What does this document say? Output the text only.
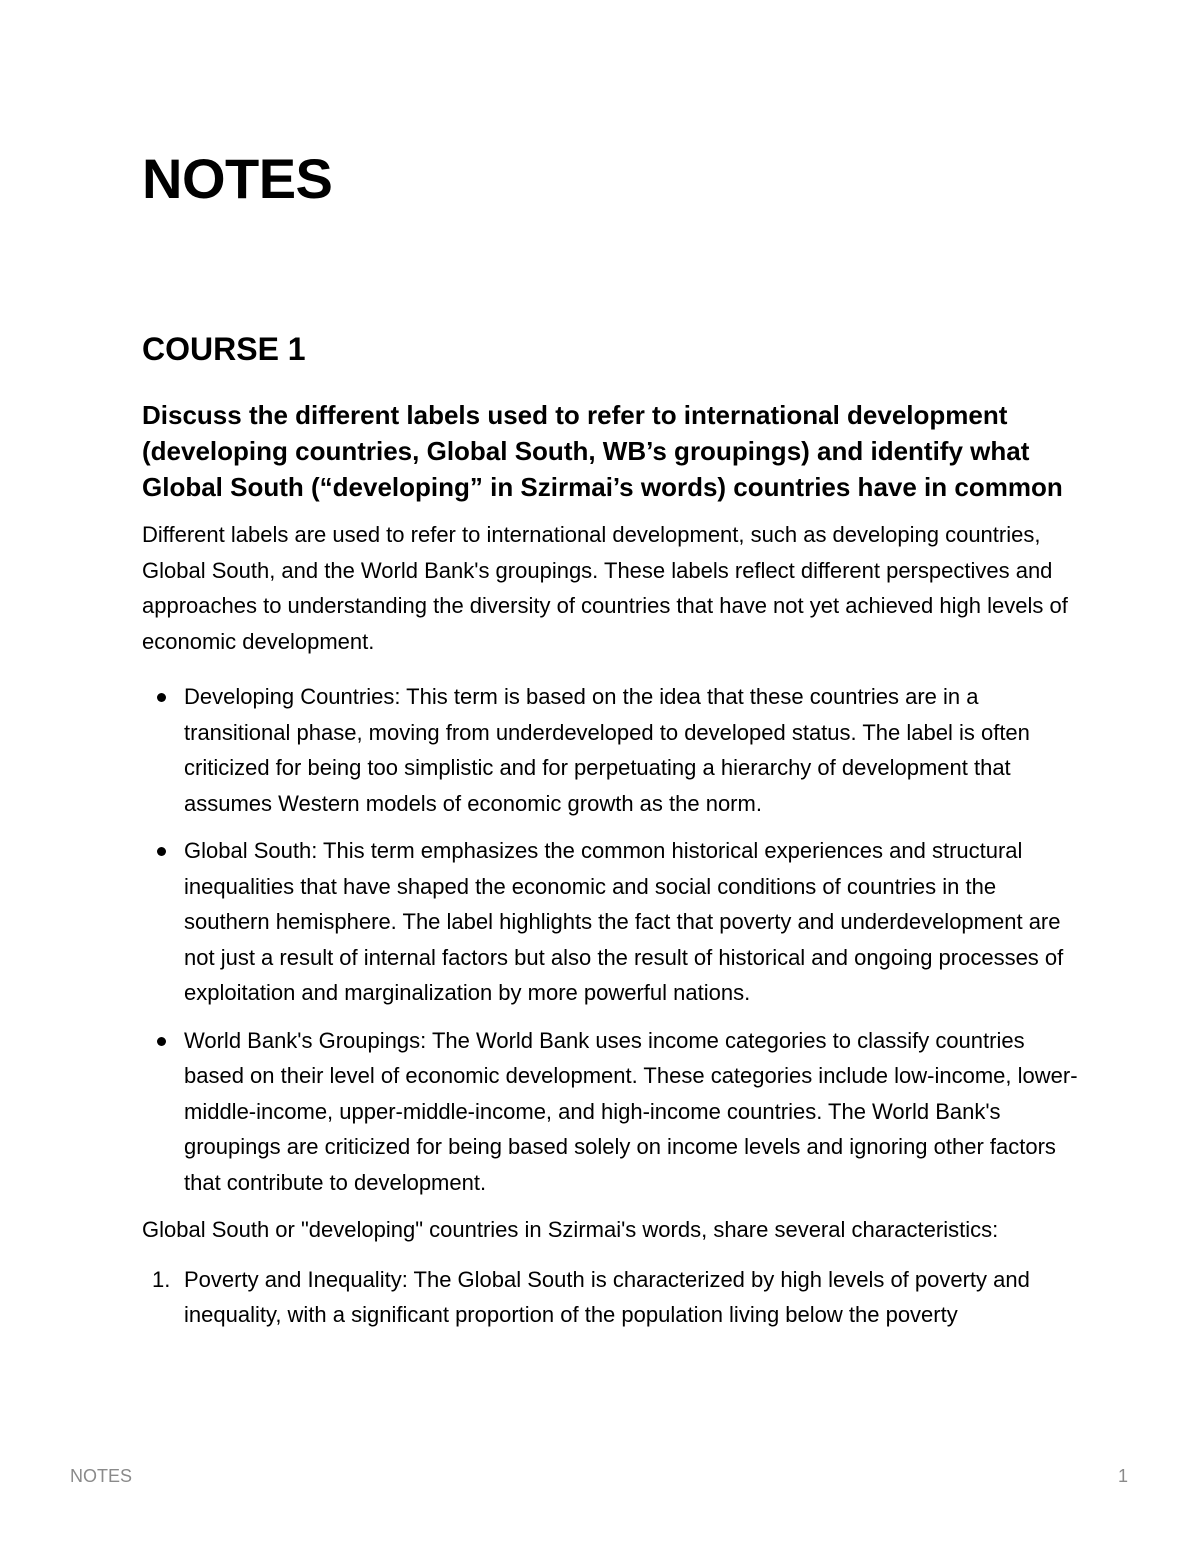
NOTES
COURSE 1
Discuss the different labels used to refer to international development (developing countries, Global South, WB’s groupings) and identify what Global South (“developing” in Szirmai’s words) countries have in common

Different labels are used to refer to international development, such as developing countries, Global South, and the World Bank's groupings. These labels reflect different perspectives and approaches to understanding the diversity of countries that have not yet achieved high levels of economic development.

Developing Countries: This term is based on the idea that these countries are in a transitional phase, moving from underdeveloped to developed status. The label is often criticized for being too simplistic and for perpetuating a hierarchy of development that assumes Western models of economic growth as the norm.
Global South: This term emphasizes the common historical experiences and structural inequalities that have shaped the economic and social conditions of countries in the southern hemisphere. The label highlights the fact that poverty and underdevelopment are not just a result of internal factors but also the result of historical and ongoing processes of exploitation and marginalization by more powerful nations.
World Bank's Groupings: The World Bank uses income categories to classify countries based on their level of economic development. These categories include low-income, lower-middle-income, upper-middle-income, and high-income countries. The World Bank's groupings are criticized for being based solely on income levels and ignoring other factors that contribute to development.

Global South or "developing" countries in Szirmai's words, share several characteristics:

1. Poverty and Inequality: The Global South is characterized by high levels of poverty and inequality, with a significant proportion of the population living below the poverty
NOTES	1
